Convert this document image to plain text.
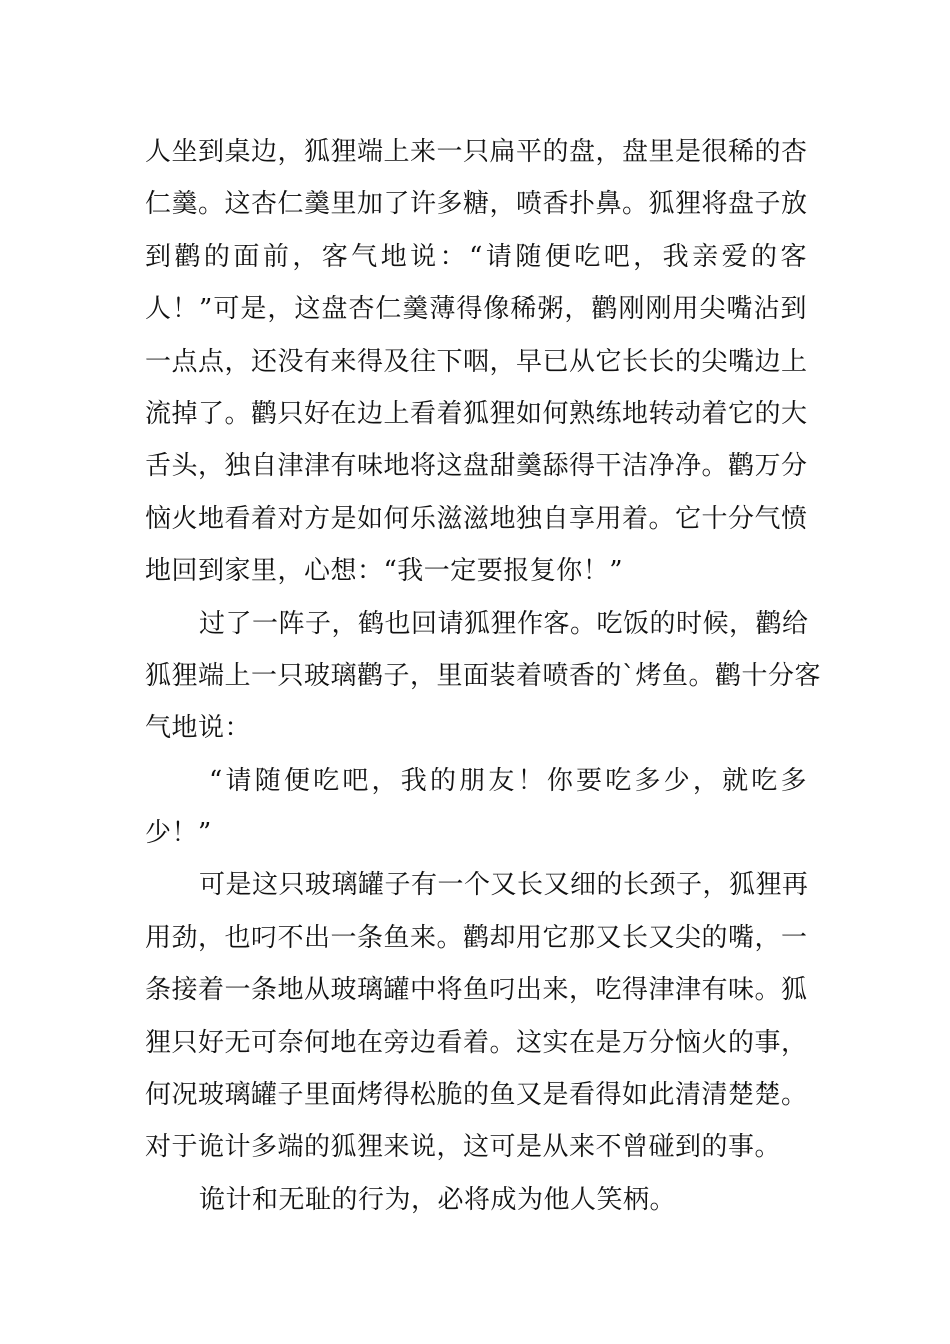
人坐到桌边，狐狸端上来一只扁平的盘，盘里是很稀的杏
仁羹。这杏仁羹里加了许多糖，喷香扑鼻。狐狸将盘子放
到鹳的面前，客气地说：“请随便吃吧，我亲爱的客
人！”可是，这盘杏仁羹薄得像稀粥，鹳刚刚用尖嘴沾到
一点点，还没有来得及往下咽，早已从它长长的尖嘴边上
流掉了。鹳只好在边上看着狐狸如何熟练地转动着它的大
舌头，独自津津有味地将这盘甜羹舔得干洁净净。鹳万分
恼火地看着对方是如何乐滋滋地独自享用着。它十分气愤
地回到家里，心想：“我一定要报复你！”
过了一阵子，鹤也回请狐狸作客。吃饭的时候，鹳给
狐狸端上一只玻璃鹳子，里面装着喷香的`烤鱼。鹳十分客
气地说：
“请随便吃吧，我的朋友！你要吃多少，就吃多
少！”
可是这只玻璃罐子有一个又长又细的长颈子，狐狸再
用劲，也叼不出一条鱼来。鹳却用它那又长又尖的嘴，一
条接着一条地从玻璃罐中将鱼叼出来，吃得津津有味。狐
狸只好无可奈何地在旁边看着。这实在是万分恼火的事，
何况玻璃罐子里面烤得松脆的鱼又是看得如此清清楚楚。
对于诡计多端的狐狸来说，这可是从来不曾碰到的事。
诡计和无耻的行为，必将成为他人笑柄。
